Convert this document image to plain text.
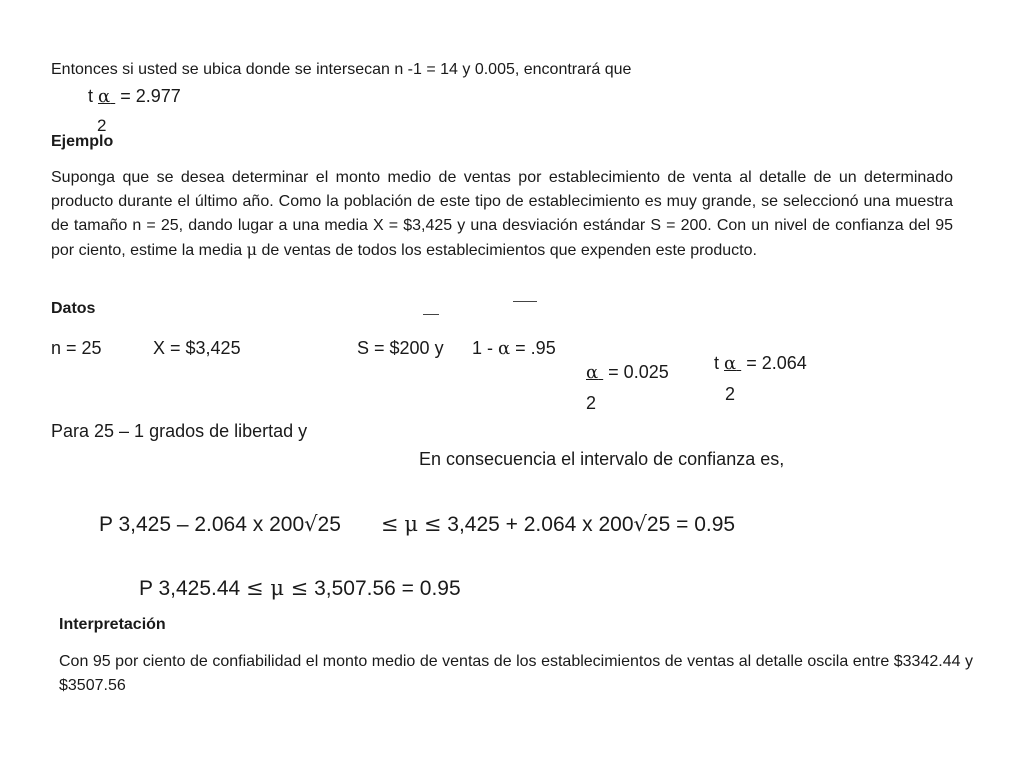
Entonces si usted se ubica donde se intersecan n -1 = 14 y 0.005, encontrará que
t α  = 2.977
2
Ejemplo
Suponga que se desea determinar el monto medio de ventas por establecimiento de venta al detalle de un determinado producto durante el último año. Como la población de este tipo de establecimiento es muy grande, se seleccionó una muestra de tamaño n = 25, dando lugar a una media X = $3,425 y una desviación estándar S = 200. Con un nivel de confianza del 95 por ciento, estime la media μ de ventas de todos los establecimientos que expenden este producto.
Datos
n = 25	X = $3,425	S = $200 y 1 - α = .95
α  = 0.025
2
t α  = 2.064
2
Para 25 – 1 grados de libertad y
En consecuencia el intervalo de confianza es,
P 3,425 – 2.064 x 200√25 ≤ μ ≤ 3,425 + 2.064 x 200√25 = 0.95
P 3,425.44 ≤ μ ≤ 3,507.56 = 0.95
Interpretación
Con 95 por ciento de confiabilidad el monto medio de ventas de los establecimientos de ventas al detalle oscila entre $3342.44 y $3507.56
